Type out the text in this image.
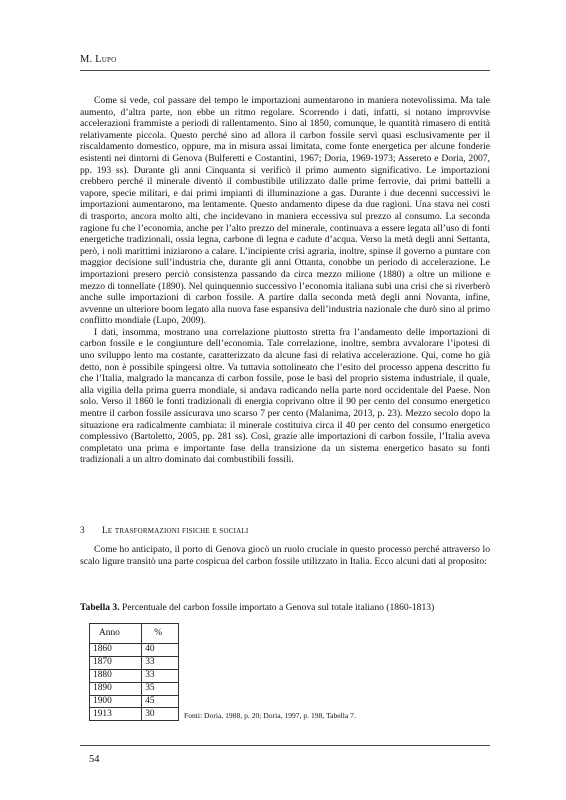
M. Lupo

Come si vede, col passare del tempo le importazioni aumentarono in maniera notevolissima. Ma tale aumento, d’altra parte, non ebbe un ritmo regolare. Scorrendo i dati, infatti, si notano improvvise accelerazioni frammiste a periodi di rallentamento. Sino al 1850, comunque, le quantità rimasero di entità relativamente piccola. Questo perché sino ad allora il carbon fossile servì quasi esclusivamente per il riscaldamento domestico, oppure, ma in misura assai limitata, come fonte energetica per alcune fonderie esistenti nei dintorni di Genova (Bulferetti e Costantini, 1967; Doria, 1969-1973; Assereto e Doria, 2007, pp. 193 ss). Durante gli anni Cinquanta si verificò il primo aumento significativo. Le importazioni crebbero perché il minerale diventò il combustibile utilizzato dalle prime ferrovie, dai primi battelli a vapore, specie militari, e dai primi impianti di illuminazione a gas. Durante i due decenni successivi le importazioni aumentarono, ma lentamente. Questo andamento dipese da due ragioni. Una stava nei costi di trasporto, ancora molto alti, che incidevano in maniera eccessiva sul prezzo al consumo. La seconda ragione fu che l’economia, anche per l’alto prezzo del minerale, continuava a essere legata all’uso di fonti energetiche tradizionali, ossia legna, carbone di legna e cadute d’acqua. Verso la metà degli anni Settanta, però, i noli marittimi iniziarono a calare. L’incipiente crisi agraria, inoltre, spinse il governo a puntare con maggior decisione sull’industria che, durante gli anni Ottanta, conobbe un periodo di accelerazione. Le importazioni presero perciò consistenza passando da circa mezzo milione (1880) a oltre un milione e mezzo di tonnellate (1890). Nel quinquennio successivo l’economia italiana subì una crisi che si riverberò anche sulle importazioni di carbon fossile. A partire dalla seconda metà degli anni Novanta, infine, avvenne un ulteriore boom legato alla nuova fase espansiva dell’industria nazionale che durò sino al primo conflitto mondiale (Lupo, 2009).

I dati, insomma, mostrano una correlazione piuttosto stretta fra l’andamento delle importazioni di carbon fossile e le congiunture dell’economia. Tale correlazione, inoltre, sembra avvalorare l’ipotesi di uno sviluppo lento ma costante, caratterizzato da alcune fasi di relativa accelerazione. Qui, come ho già detto, non è possibile spingersi oltre. Va tuttavia sottolineato che l’esito del processo appena descritto fu che l’Italia, malgrado la mancanza di carbon fossile, pose le basi del proprio sistema industriale, il quale, alla vigilia della prima guerra mondiale, si andava radicando nella parte nord occidentale del Paese. Non solo. Verso il 1860 le fonti tradizionali di energia coprivano oltre il 90 per cento del consumo energetico mentre il carbon fossile assicurava uno scarso 7 per cento (Malanima, 2013, p. 23). Mezzo secolo dopo la situazione era radicalmente cambiata: il minerale costituiva circa il 40 per cento del consumo energetico complessivo (Bartoletto, 2005, pp. 281 ss). Così, grazie alle importazioni di carbon fossile, l’Italia aveva completato una prima e importante fase della transizione da un sistema energetico basato su fonti tradizionali a un altro dominato dai combustibili fossili.

3 Le trasformazioni fisiche e sociali

Come ho anticipato, il porto di Genova giocò un ruolo cruciale in questo processo perché attraverso lo scalo ligure transitò una parte cospicua del carbon fossile utilizzato in Italia. Ecco alcuni dati al proposito:

Tabella 3. Percentuale del carbon fossile importato a Genova sul totale italiano (1860-1813)
Anno	%
1860	40
1870	33
1880	33
1890	35
1900	45
1913	30	Fonti: Doria, 1988, p. 20; Doria, 1997, p. 198, Tabella 7.
54
